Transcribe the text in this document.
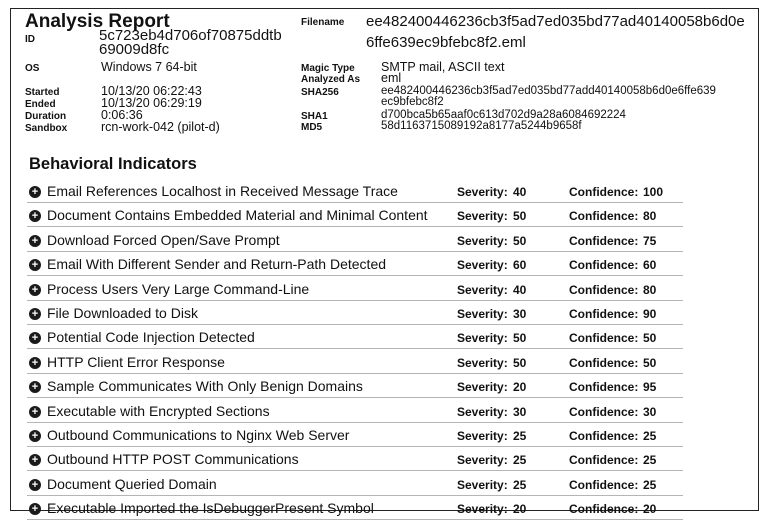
Analysis Report
ID	5c723eb4d706of70875ddtb
69009d8fc
OS	Windows 7 64-bit
Started	10/13/20 06:22:43
Ended	10/13/20 06:29:19
Duration	0:06:36
Sandbox	rcn-work-042 (pilot-d)
Filename ee482400446236cb3f5ad7ed035bd77ad40140058b6d0e
6ffe639ec9bfebc8f2.eml
Magic Type SMTP mail, ASCII text
Analyzed As eml
SHA256	ee482400446236cb3f5ad7ed035bd77add40140058b6d0e6ffe639
ec9bfebc8f2
SHA1	d700bca5b65aaf0c613d702d9a28a6084692224
MD5	58d1163715089192a8177a5244b9658f
Behavioral Indicators
+ Email References Localhost in Received Message Trace	Severity: 40	Confidence: 100
+ Document Contains Embedded Material and Minimal Content Severity: 50	Confidence: 80
+ Download Forced Open/Save Prompt	Severity: 50	Confidence: 75
+ Email With Different Sender and Return-Path Detected	Severity: 60	Confidence: 60
+ Process Users Very Large Command-Line	Severity: 40	Confidence: 80
+ File Downloaded to Disk	Severity: 30	Confidence: 90
+ Potential Code Injection Detected	Severity: 50	Confidence: 50
+ HTTP Client Error Response	Severity: 50	Confidence: 50
+ Sample Communicates With Only Benign Domains	Severity: 20	Confidence: 95
+ Executable with Encrypted Sections	Severity: 30	Confidence: 30
+ Outbound Communications to Nginx Web Server	Severity: 25	Confidence: 25
+ Outbound HTTP POST Communications	Severity: 25	Confidence: 25
+ Document Queried Domain	Severity: 25	Confidence: 25
+ Executable Imported the IsDebuggerPresent Symbol	Severity: 20	Confidence: 20
